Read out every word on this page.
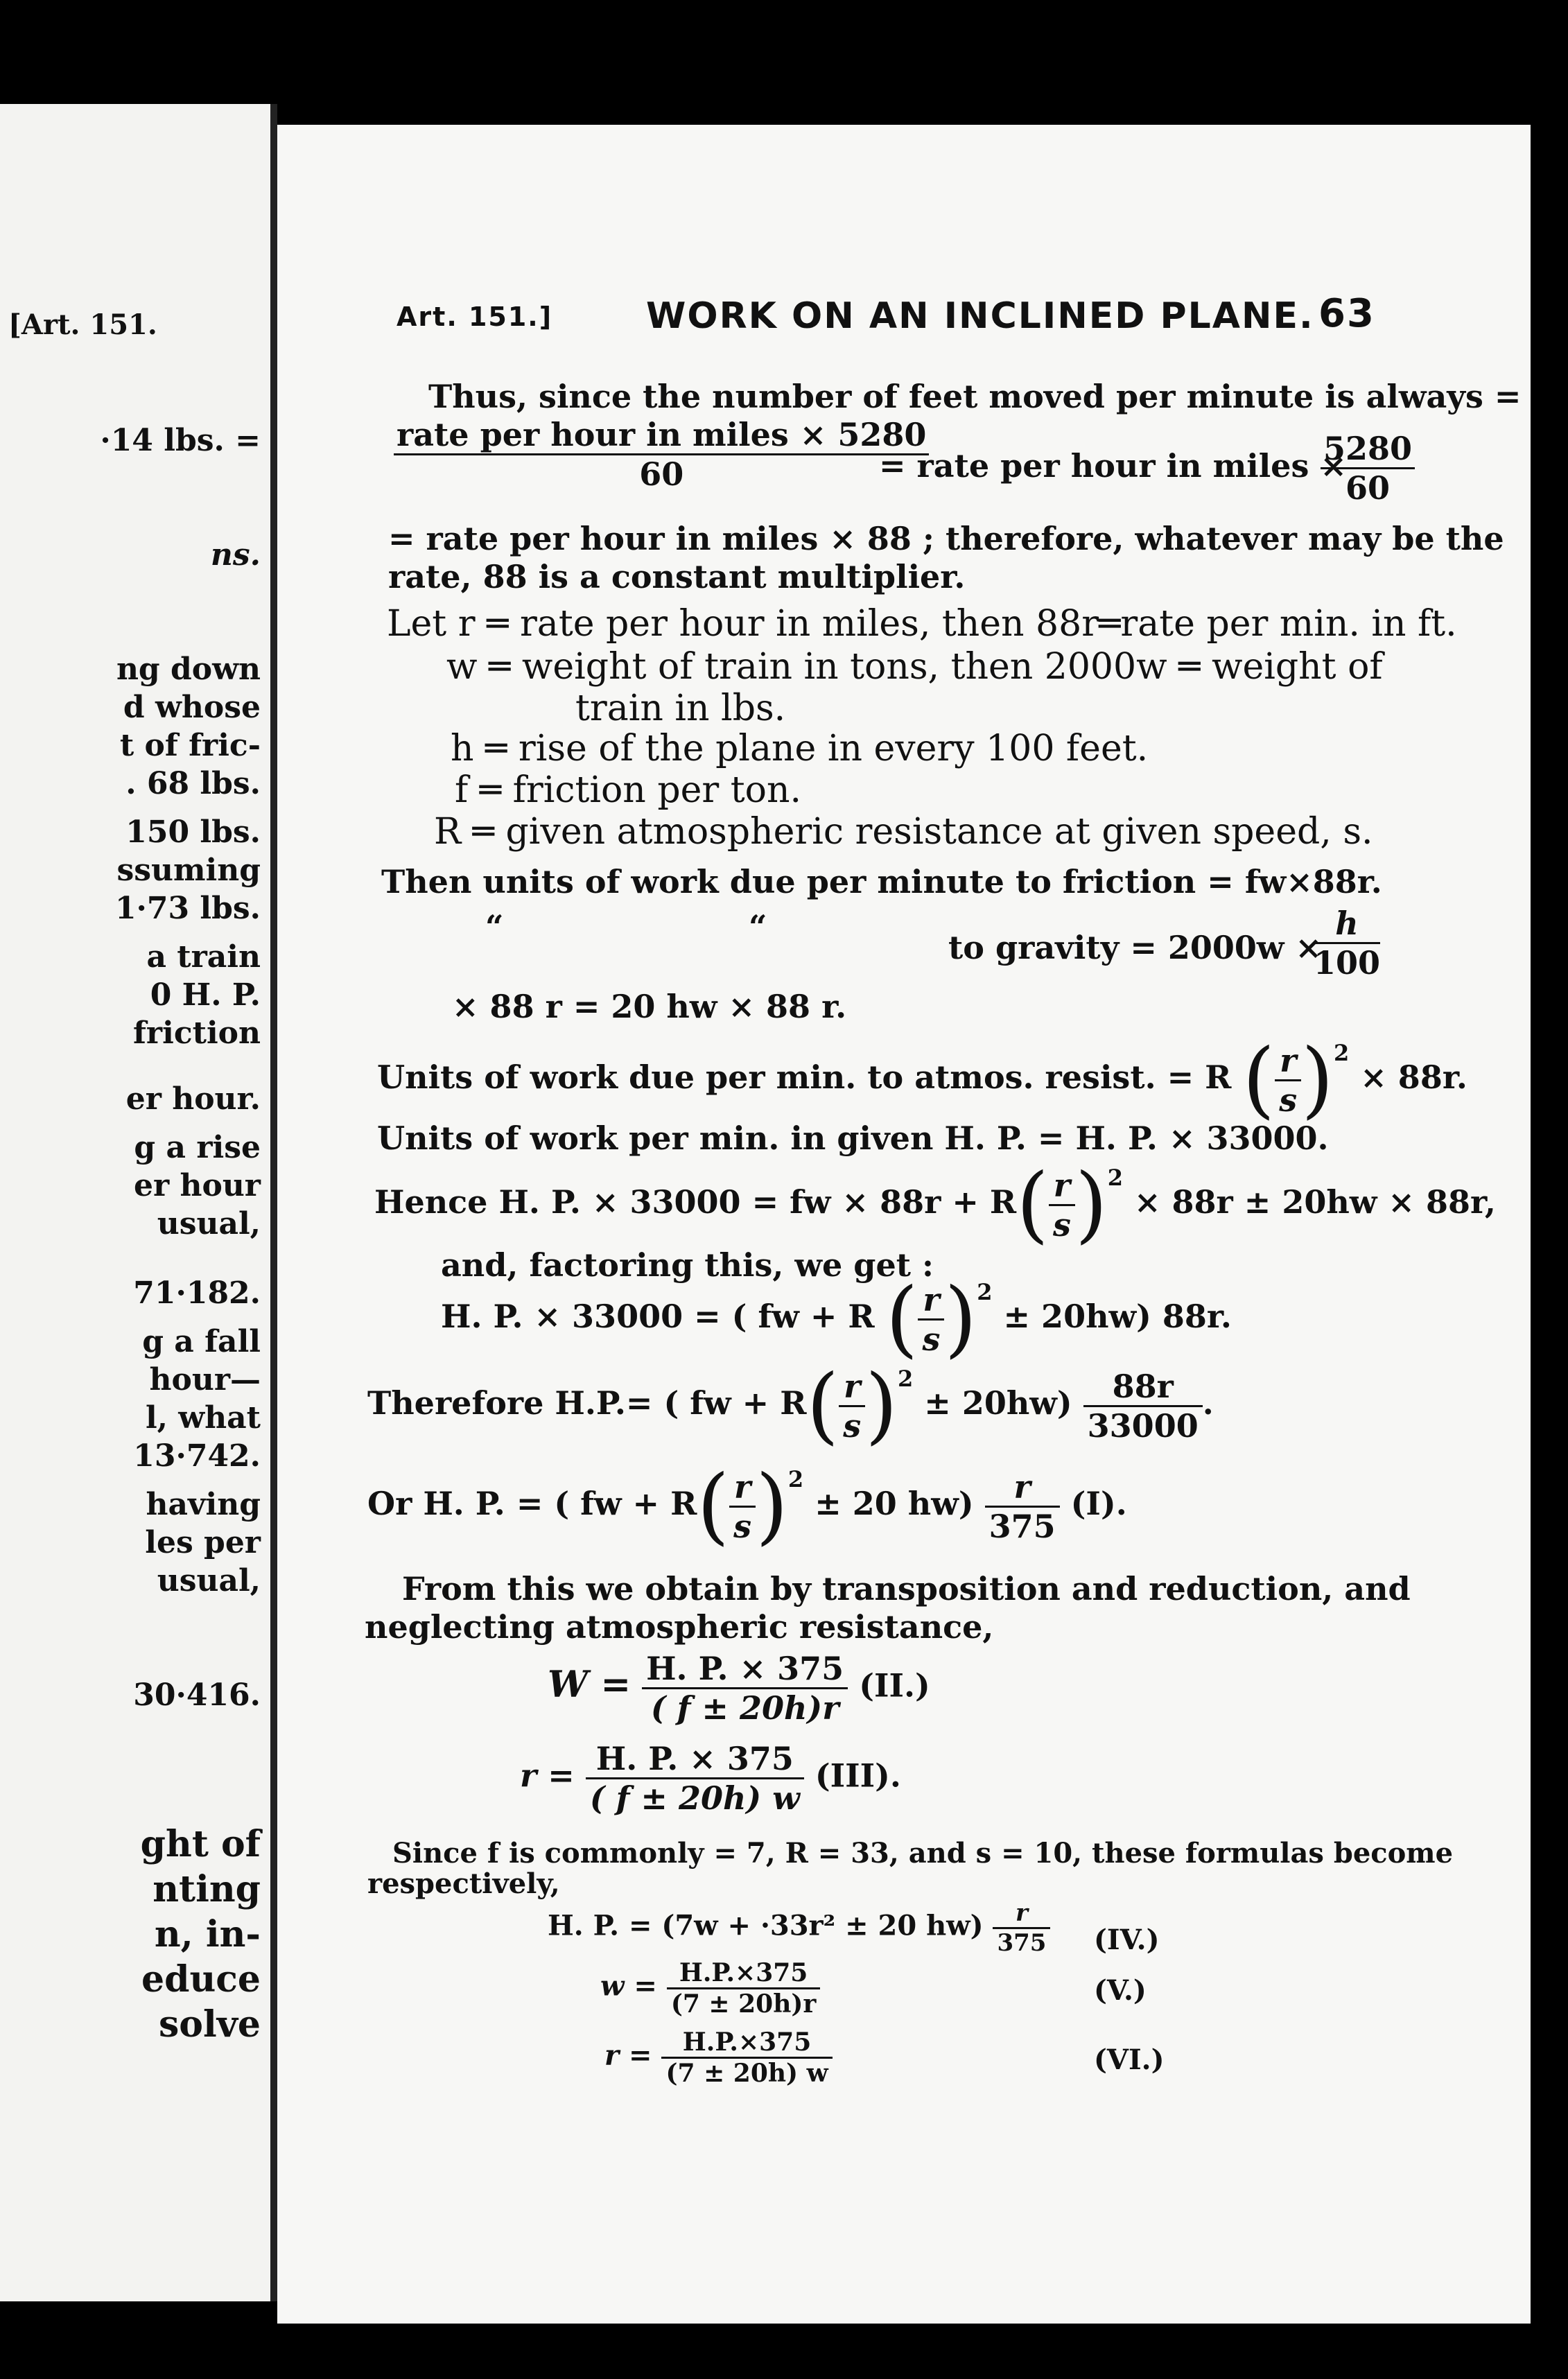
[Art. 151.
·14 lbs. =
ns.
ng down
d whose
t of fric-
. 68 lbs.
150 lbs.
ssuming
1·73 lbs.
a train
0 H. P.
friction
er hour.
g a rise
er hour
usual,
71·182.
g a fall
hour—
l, what
13·742.
having
les per
usual,
30·416.
ght of
nting
n, in-
educe
solve
Art. 151.]	WORK ON AN INCLINED PLANE. 63
Thus, since the number of feet moved per minute is always =
rate per hour in miles × 5280
60	= rate per hour in miles ×
$\frac{5280}{60}$
= rate per hour in miles × 88 ; therefore, whatever may be the
rate, 88 is a constant multiplier.
Let r ═ rate per hour in miles, then 88r═rate per min. in ft.
w ═ weight of train in tons, then 2000w ═ weight of
train in lbs.
h ═ rise of the plane in every 100 feet.
f ═ friction per ton.
R ═ given atmospheric resistance at given speed, s.
Then units of work due per minute to friction = fw×88r.
“	“
to gravity = 2000w ×
$\frac{h}{100}$
× 88 r = 20 hw × 88 r.
Units of work due per min. to atmos. resist. = R ( $\frac{r}{s} )^2 \times 88r$.
Units of work per min. in given H. P. = H. P. × 33000.
Hence H. P. × 33000 = fw × $88r + R( \frac{r}{s} )^2 \times 88r \pm 20hw \times 88r$,
and, factoring this, we get :
H. P. × 33000 = ( fw + R ( $\frac{r}{s} )^2 \pm 20hw$) 88r.
Therefore H.P.= ( fw + $R( \frac{r}{s} )^2 \pm 20hw) \frac{88r}{33000}$ .
Or H. P. = ( fw + $R( \frac{r}{s} )^2 \pm 20$ $hw) \frac{r}{375} (I)$.
From this we obtain by transposition and reduction, and
neglecting atmospheric resistance,
$W = \frac{H. P. \times 375}{( f \pm 20h)r} (II.)$
$r = \frac{H. P. \times 375}{( f \pm 20h) w} (III)$.
Since f is commonly = 7, R = 33, and s = 10, these formulas become
respectively,
H. P. = (7w + ·33r² ± 20 $hw) \frac{r}{375} (IV.)$
$w = \frac{H.P.\times 375}{(7 \pm 20h)r}$	(V.)
$r = \frac{H.P.\times 375}{(7 \pm 20h) w}$	(VI.)
